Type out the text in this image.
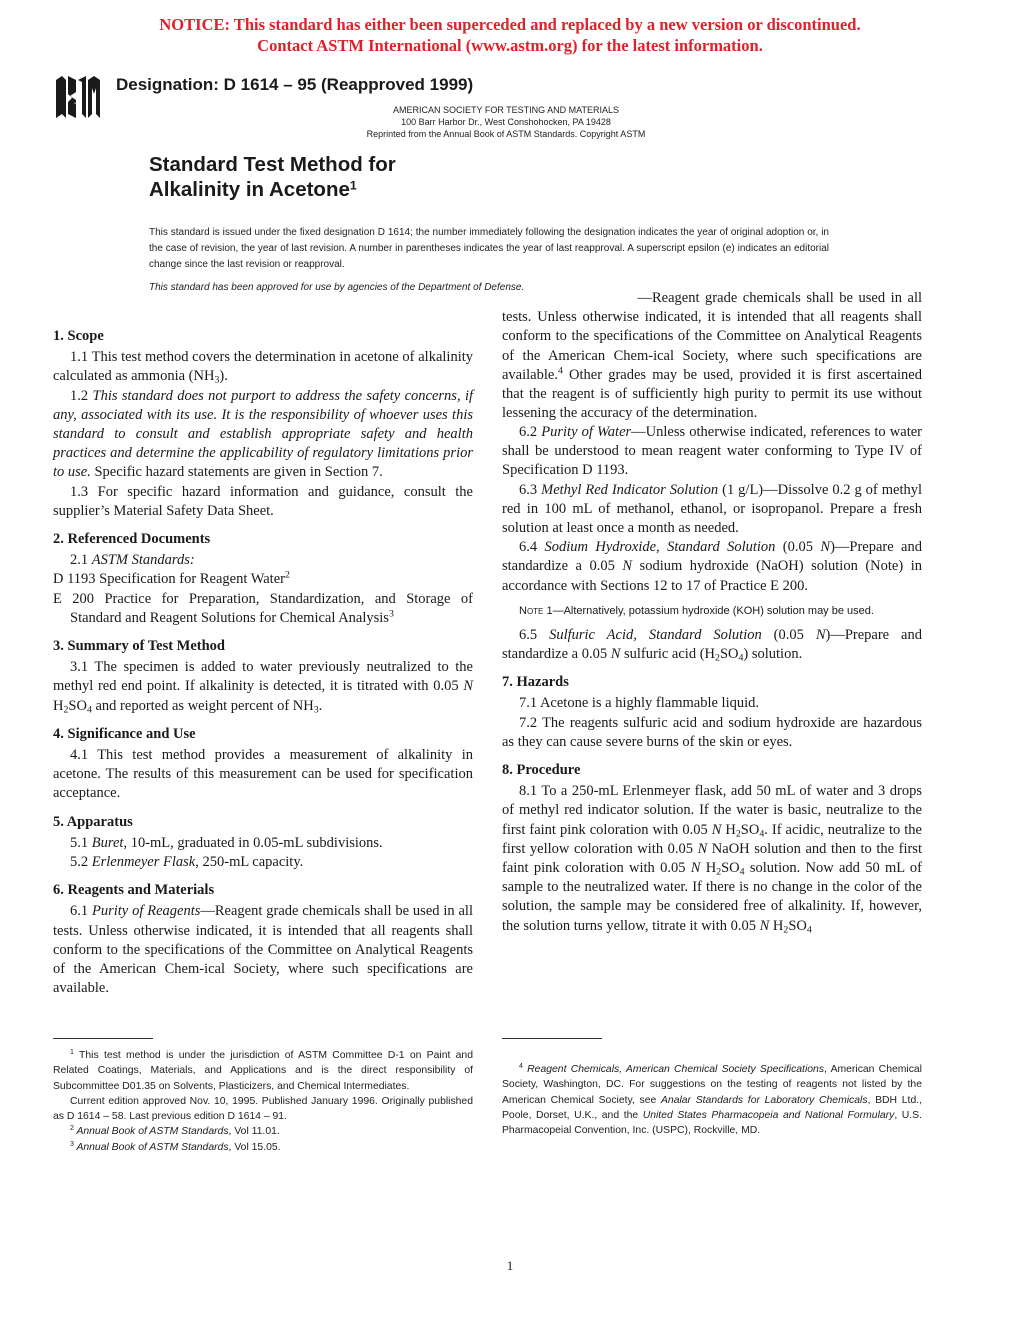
NOTICE: This standard has either been superceded and replaced by a new version or discontinued.
Contact ASTM International (www.astm.org) for the latest information.
ASTM
Designation: D 1614 – 95 (Reapproved 1999)
AMERICAN SOCIETY FOR TESTING AND MATERIALS
100 Barr Harbor Dr., West Conshohocken, PA 19428
Reprinted from the Annual Book of ASTM Standards. Copyright ASTM
Standard Test Method for
Alkalinity in Acetone$^1$
This standard is issued under the fixed designation D 1614; the number immediately following the designation indicates the year of original adoption or, in the case of revision, the year of last revision. A number in parentheses indicates the year of last reapproval. A superscript epsilon (e) indicates an editorial change since the last revision or reapproval.
This standard has been approved for use by agencies of the Department of Defense.
1. Scope

1.1 This test method covers the determination in acetone of alkalinity calculated as ammonia $(NH_3)$.

1.2 This standard does not purport to address the safety concerns, if any, associated with its use. It is the responsibility of whoever uses this standard to consult and establish appropriate safety and health practices and determine the applicability of regulatory limitations prior to use. Specific hazard statements are given in Section 7.

1.3 For specific hazard information and guidance, consult the supplier’s Material Safety Data Sheet.

2. Referenced Documents

2.1 ASTM Standards:

D 1193 Specification for Reagent Water$^2$

E 200 Practice for Preparation, Standardization, and Storage of Standard and Reagent Solutions for Chemical Analysis$^3$

3. Summary of Test Method

3.1 The specimen is added to water previously neutralized to the methyl red end point. If alkalinity is detected, it is titrated with 0.05 N $H_2SO_4$ and reported as weight percent of $NH_3$.

4. Significance and Use

4.1 This test method provides a measurement of alkalinity in acetone. The results of this measurement can be used for specification acceptance.

5. Apparatus

5.1 Buret, 10-mL, graduated in 0.05-mL subdivisions.

5.2 Erlenmeyer Flask, 250-mL capacity.

6. Reagents and Materials

6.1 Purity of Reagents—Reagent grade chemicals shall be used in all tests. Unless otherwise indicated, it is intended that all reagents shall conform to the specifications of the Committee on Analytical Reagents of the American Chem-ical Society, where such specifications are available.

—Reagent grade chemicals shall be used in all tests. Unless otherwise indicated, it is intended that all reagents shall conform to the specifications of the Committee on Analytical Reagents of the American Chem-ical Society, where such specifications are available.$^4$ Other grades may be used, provided it is first ascertained that the reagent is of sufficiently high purity to permit its use without lessening the accuracy of the determination.

6.2 Purity of Water—Unless otherwise indicated, references to water shall be understood to mean reagent water conforming to Type IV of Specification D 1193.

6.3 Methyl Red Indicator Solution (1 g/L)—Dissolve 0.2 g of methyl red in 100 mL of methanol, ethanol, or isopropanol. Prepare a fresh solution at least once a month as needed.

6.4 Sodium Hydroxide, Standard Solution (0.05 N)—Prepare and standardize a 0.05 N sodium hydroxide (NaOH) solution (Note) in accordance with Sections 12 to 17 of Practice E 200.

Note 1—Alternatively, potassium hydroxide (KOH) solution may be used.

6.5 Sulfuric Acid, Standard Solution (0.05 N)—Prepare and standardize a 0.05 N sulfuric acid $(H_2SO_4)$ solution.

7. Hazards

7.1 Acetone is a highly flammable liquid.

7.2 The reagents sulfuric acid and sodium hydroxide are hazardous as they can cause severe burns of the skin or eyes.

8. Procedure

8.1 To a 250-mL Erlenmeyer flask, add 50 mL of water and 3 drops of methyl red indicator solution. If the water is basic, neutralize to the first faint pink coloration with 0.05 N $H_2SO_4$. If acidic, neutralize to the first yellow coloration with 0.05 N NaOH solution and then to the first faint pink coloration with 0.05 N $H_2SO_4$ solution. Now add 50 mL of sample to the neutralized water. If there is no change in the color of the solution, the sample may be considered free of alkalinity. If, however, the solution turns yellow, titrate it with 0.05 N $H_2SO_4$

$^1$ This test method is under the jurisdiction of ASTM Committee D-1 on Paint and Related Coatings, Materials, and Applications and is the direct responsibility of Subcommittee D01.35 on Solvents, Plasticizers, and Chemical Intermediates.

Current edition approved Nov. 10, 1995. Published January 1996. Originally published as D 1614 – 58. Last previous edition D 1614 – 91.

$^2$ Annual Book of ASTM Standards, Vol 11.01.

$^3$ Annual Book of ASTM Standards, Vol 15.05.

$^4$ Reagent Chemicals, American Chemical Society Specifications, American Chemical Society, Washington, DC. For suggestions on the testing of reagents not listed by the American Chemical Society, see Analar Standards for Laboratory Chemicals, BDH Ltd., Poole, Dorset, U.K., and the United States Pharmacopeia and National Formulary, U.S. Pharmacopeial Convention, Inc. (USPC), Rockville, MD.

1
